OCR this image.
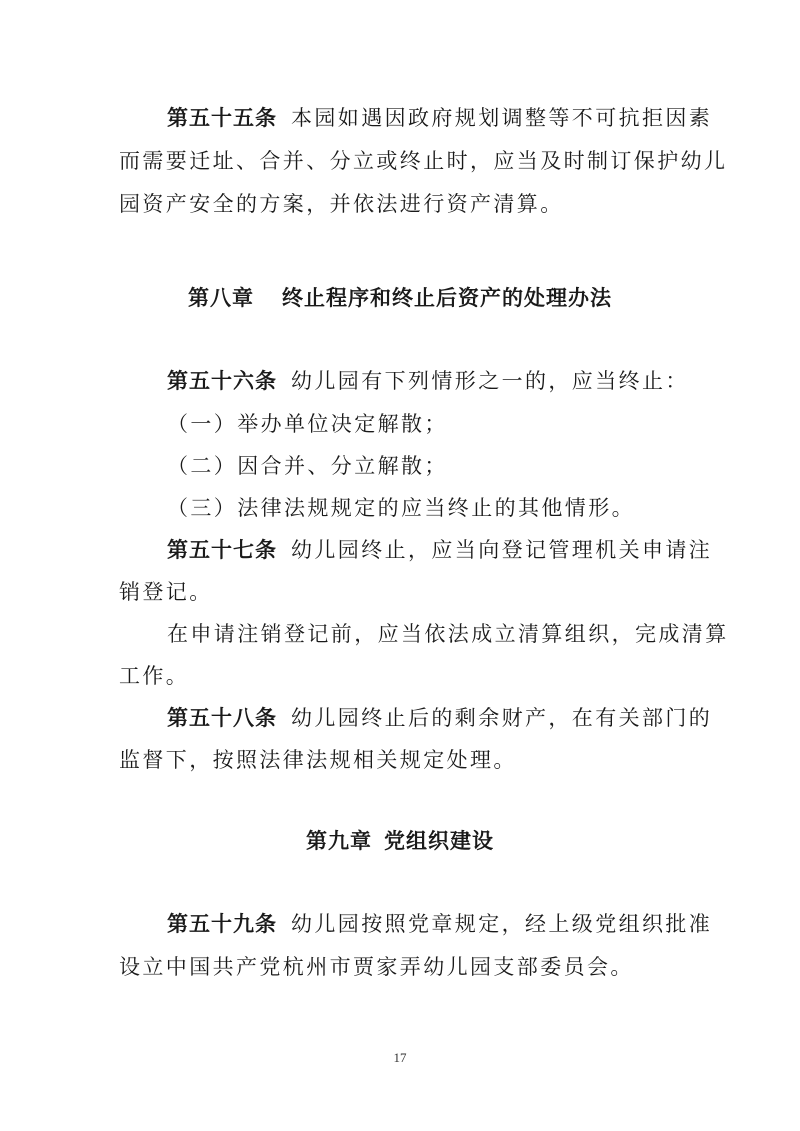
第五十五条 本园如遇因政府规划调整等不可抗拒因素
而需要迁址、合并、分立或终止时，应当及时制订保护幼儿
园资产安全的方案，并依法进行资产清算。
第八章 终止程序和终止后资产的处理办法
第五十六条 幼儿园有下列情形之一的，应当终止：
（一）举办单位决定解散；
（二）因合并、分立解散；
（三）法律法规规定的应当终止的其他情形。
第五十七条 幼儿园终止，应当向登记管理机关申请注
销登记。
在申请注销登记前，应当依法成立清算组织，完成清算
工作。
第五十八条 幼儿园终止后的剩余财产，在有关部门的
监督下，按照法律法规相关规定处理。
第九章 党组织建设
第五十九条 幼儿园按照党章规定，经上级党组织批准
设立中国共产党杭州市贾家弄幼儿园支部委员会。
17
